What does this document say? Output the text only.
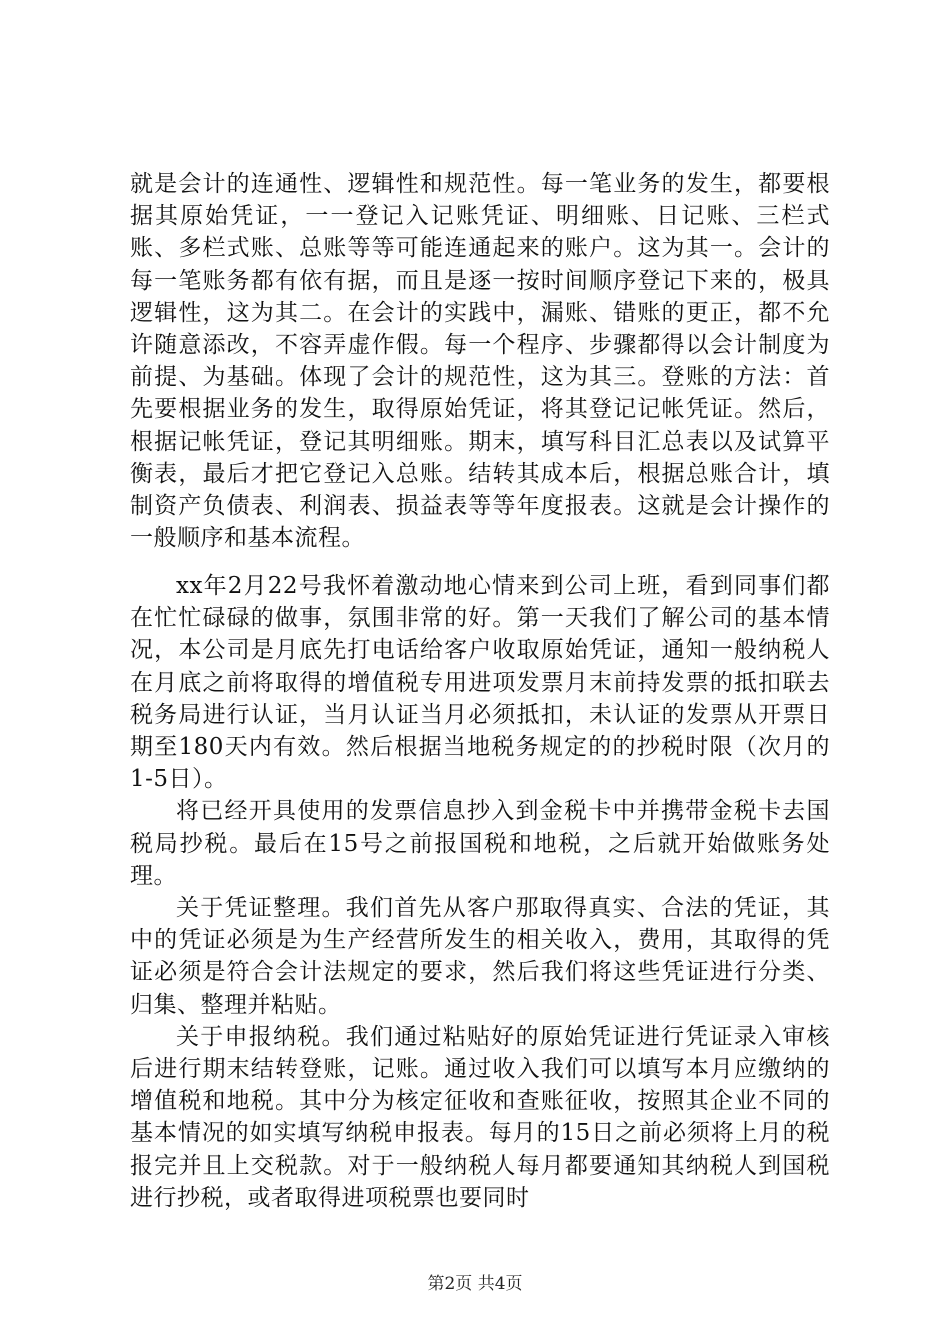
就是会计的连通性、逻辑性和规范性。每一笔业务的发生，都要根据其原始凭证，一一登记入记账凭证、明细账、日记账、三栏式账、多栏式账、总账等等可能连通起来的账户。这为其一。会计的每一笔账务都有依有据，而且是逐一按时间顺序登记下来的，极具逻辑性，这为其二。在会计的实践中，漏账、错账的更正，都不允许随意添改，不容弄虚作假。每一个程序、步骤都得以会计制度为前提、为基础。体现了会计的规范性，这为其三。登账的方法：首先要根据业务的发生，取得原始凭证，将其登记记帐凭证。然后，根据记帐凭证，登记其明细账。期末，填写科目汇总表以及试算平衡表，最后才把它登记入总账。结转其成本后，根据总账合计，填制资产负债表、利润表、损益表等等年度报表。这就是会计操作的一般顺序和基本流程。

xx年2月22号我怀着激动地心情来到公司上班，看到同事们都在忙忙碌碌的做事，氛围非常的好。第一天我们了解公司的基本情况，本公司是月底先打电话给客户收取原始凭证，通知一般纳税人在月底之前将取得的增值税专用进项发票月末前持发票的抵扣联去税务局进行认证，当月认证当月必须抵扣，未认证的发票从开票日期至180天内有效。然后根据当地税务规定的的抄税时限（次月的1-5日）。

将已经开具使用的发票信息抄入到金税卡中并携带金税卡去国税局抄税。最后在15号之前报国税和地税，之后就开始做账务处理。

关于凭证整理。我们首先从客户那取得真实、合法的凭证，其中的凭证必须是为生产经营所发生的相关收入，费用，其取得的凭证必须是符合会计法规定的要求，然后我们将这些凭证进行分类、归集、整理并粘贴。

关于申报纳税。我们通过粘贴好的原始凭证进行凭证录入审核后进行期末结转登账，记账。通过收入我们可以填写本月应缴纳的增值税和地税。其中分为核定征收和查账征收，按照其企业不同的基本情况的如实填写纳税申报表。每月的15日之前必须将上月的税报完并且上交税款。对于一般纳税人每月都要通知其纳税人到国税进行抄税，或者取得进项税票也要同时

第2页 共4页
